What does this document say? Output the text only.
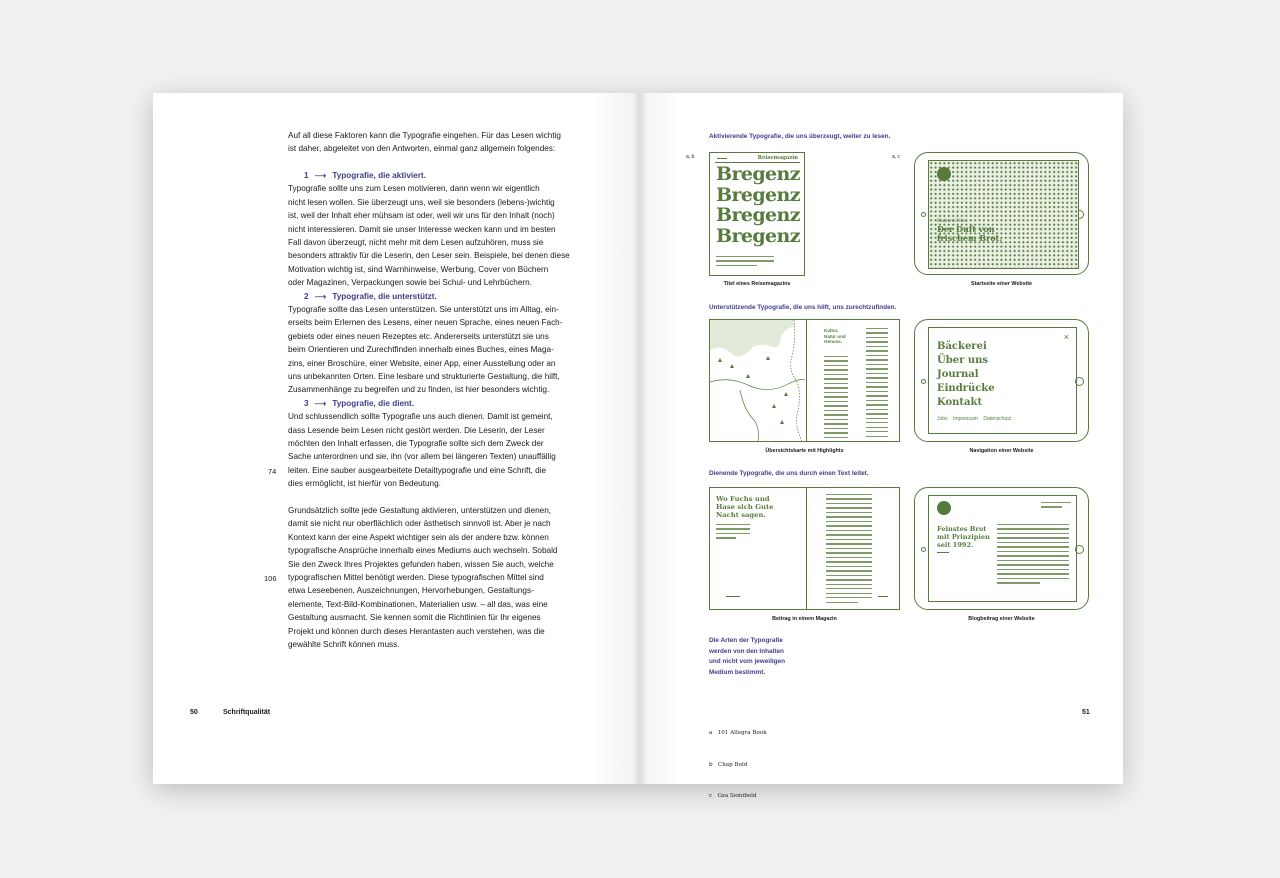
Auf all diese Faktoren kann die Typografie eingehen. Für das Lesen wichtig
ist daher, abgeleitet von den Antworten, einmal ganz allgemein folgendes:
1 ⟶ Typografie, die aktiviert.
Typografie sollte uns zum Lesen motivieren, dann wenn wir eigentlich
nicht lesen wollen. Sie überzeugt uns, weil sie besonders (lebens-)wichtig
ist, weil der Inhalt eher mühsam ist oder, weil wir uns für den Inhalt (noch)
nicht interessieren. Damit sie unser Interesse wecken kann und im besten
Fall davon überzeugt, nicht mehr mit dem Lesen aufzuhören, muss sie
besonders attraktiv für die Leserin, den Leser sein. Beispiele, bei denen diese
Motivation wichtig ist, sind Warnhinweise, Werbung, Cover von Büchern
oder Magazinen, Verpackungen sowie bei Schul- und Lehrbüchern.
2 ⟶ Typografie, die unterstützt.
Typografie sollte das Lesen unterstützen. Sie unterstützt uns im Alltag, ein-
erseits beim Erlernen des Lesens, einer neuen Sprache, eines neuen Fach-
gebiets oder eines neuen Rezeptes etc. Andererseits unterstützt sie uns
beim Orientieren und Zurechtfinden innerhalb eines Buches, eines Maga-
zins, einer Broschüre, einer Website, einer App, einer Ausstellung oder an
uns unbekannten Orten. Eine lesbare und strukturierte Gestaltung, die hilft,
Zusammenhänge zu begreifen und zu finden, ist hier besonders wichtig.
3 ⟶ Typografie, die dient.
Und schlussendlich sollte Typografie uns auch dienen. Damit ist gemeint,
dass Lesende beim Lesen nicht gestört werden. Die Leserin, der Leser
möchten den Inhalt erfassen, die Typografie sollte sich dem Zweck der
Sache unterordnen und sie, ihn (vor allem bei längeren Texten) unauffällig
leiten. Eine sauber ausgearbeitete Detailtypografie und eine Schrift, die
dies ermöglicht, ist hierfür von Bedeutung.
Grundsätzlich sollte jede Gestaltung aktivieren, unterstützen und dienen,
damit sie nicht nur oberflächlich oder ästhetisch sinnvoll ist. Aber je nach
Kontext kann der eine Aspekt wichtiger sein als der andere bzw. können
typografische Ansprüche innerhalb eines Mediums auch wechseln. Sobald
Sie den Zweck Ihres Projektes gefunden haben, wissen Sie auch, welche
typografischen Mittel benötigt werden. Diese typografischen Mittel sind
etwa Leseebenen, Auszeichnungen, Hervorhebungen, Gestaltungs-
elemente, Text-Bild-Kombinationen, Materialien usw. – all das, was eine
Gestaltung ausmacht. Sie kennen somit die Richtlinien für Ihr eigenes
Projekt und können durch dieses Herantasten auch verstehen, was die
gewählte Schrift können muss.
74
106
50	Schriftqualität
Aktivierende Typografie, die uns überzeugt, weiter zu lesen.
Unterstützende Typografie, die uns hilft, uns zurechtzufinden.
Dienende Typografie, die uns durch einen Text leitet.
a, b	a, c
Reisemagazin
Bregenz
Bregenz
Bregenz
Bregenz
Titel eines Reisemagazins
Bäckerei Hatz
Der Duft von
frischem Brot.
Startseite einer Website
Kultur,
Natur und
Genuss.
Übersichtskarte mit Highlights
×
Bäckerei
Über uns
Journal
Eindrücke
Kontakt
Jobs Impressum Datenschutz
Navigation einer Website
Wo Fuchs und
Hase sich Gute
Nacht sagen.
Beitrag in einem Magazin
Feinstes Brot
mit Prinzipien
seit 1992.
Blogbeitrag einer Website
Die Arten der Typografie
werden von den Inhalten
und nicht vom jeweiligen
Medium bestimmt.

a   101 Allegra Book

b   Chap Bold

c   Gza Semibold

51
